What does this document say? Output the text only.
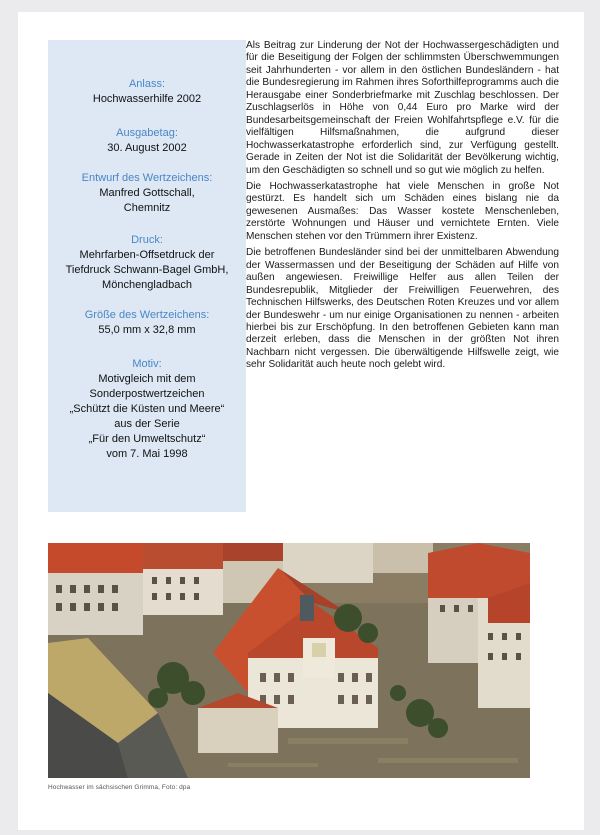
Anlass:
Hochwasserhilfe 2002
Ausgabetag:
30. August 2002
Entwurf des Wertzeichens:
Manfred Gottschall,
Chemnitz
Druck:
Mehrfarben-Offsetdruck der
Tiefdruck Schwann-Bagel GmbH,
Mönchengladbach
Größe des Wertzeichens:
55,0 mm x 32,8 mm
Motiv:
Motivgleich mit dem
Sonderpostwertzeichen
„Schützt die Küsten und Meere“
aus der Serie
„Für den Umweltschutz“
vom 7. Mai 1998

Als Beitrag zur Linderung der Not der Hochwassergeschädigten und für die Beseitigung der Folgen der schlimmsten Überschwemmungen seit Jahrhunderten - vor allem in den östlichen Bundesländern - hat die Bundesregierung im Rahmen ihres Soforthilfeprogramms auch die Herausgabe einer Sonderbriefmarke mit Zuschlag beschlossen. Der Zuschlagserlös in Höhe von 0,44 Euro pro Marke wird der Bundesarbeitsgemeinschaft der Freien Wohlfahrtspflege e.V. für die vielfältigen Hilfsmaßnahmen, die aufgrund dieser Hochwasserkatastrophe erforderlich sind, zur Verfügung gestellt. Gerade in Zeiten der Not ist die Solidarität der Bevölkerung wichtig, um den Geschädigten so schnell und so gut wie möglich zu helfen.

Die Hochwasserkatastrophe hat viele Menschen in große Not gestürzt. Es handelt sich um Schäden eines bislang nie da gewesenen Ausmaßes: Das Wasser kostete Menschenleben, zerstörte Wohnungen und Häuser und vernichtete Ernten. Viele Menschen stehen vor den Trümmern ihrer Existenz.

Die betroffenen Bundesländer sind bei der unmittelbaren Abwendung der Wassermassen und der Beseitigung der Schäden auf Hilfe von außen angewiesen. Freiwillige Helfer aus allen Teilen der Bundesrepublik, Mitglieder der Freiwilligen Feuerwehren, des Technischen Hilfswerks, des Deutschen Roten Kreuzes und vor allem der Bundeswehr - um nur einige Organisationen zu nennen - arbeiten hierbei bis zur Erschöpfung. In den betroffenen Gebieten kann man derzeit erleben, dass die Menschen in der größten Not ihren Nachbarn nicht vergessen. Die überwältigende Hilfswelle zeigt, wie sehr Solidarität auch heute noch gelebt wird.

Hochwasser im sächsischen Grimma, Foto: dpa
